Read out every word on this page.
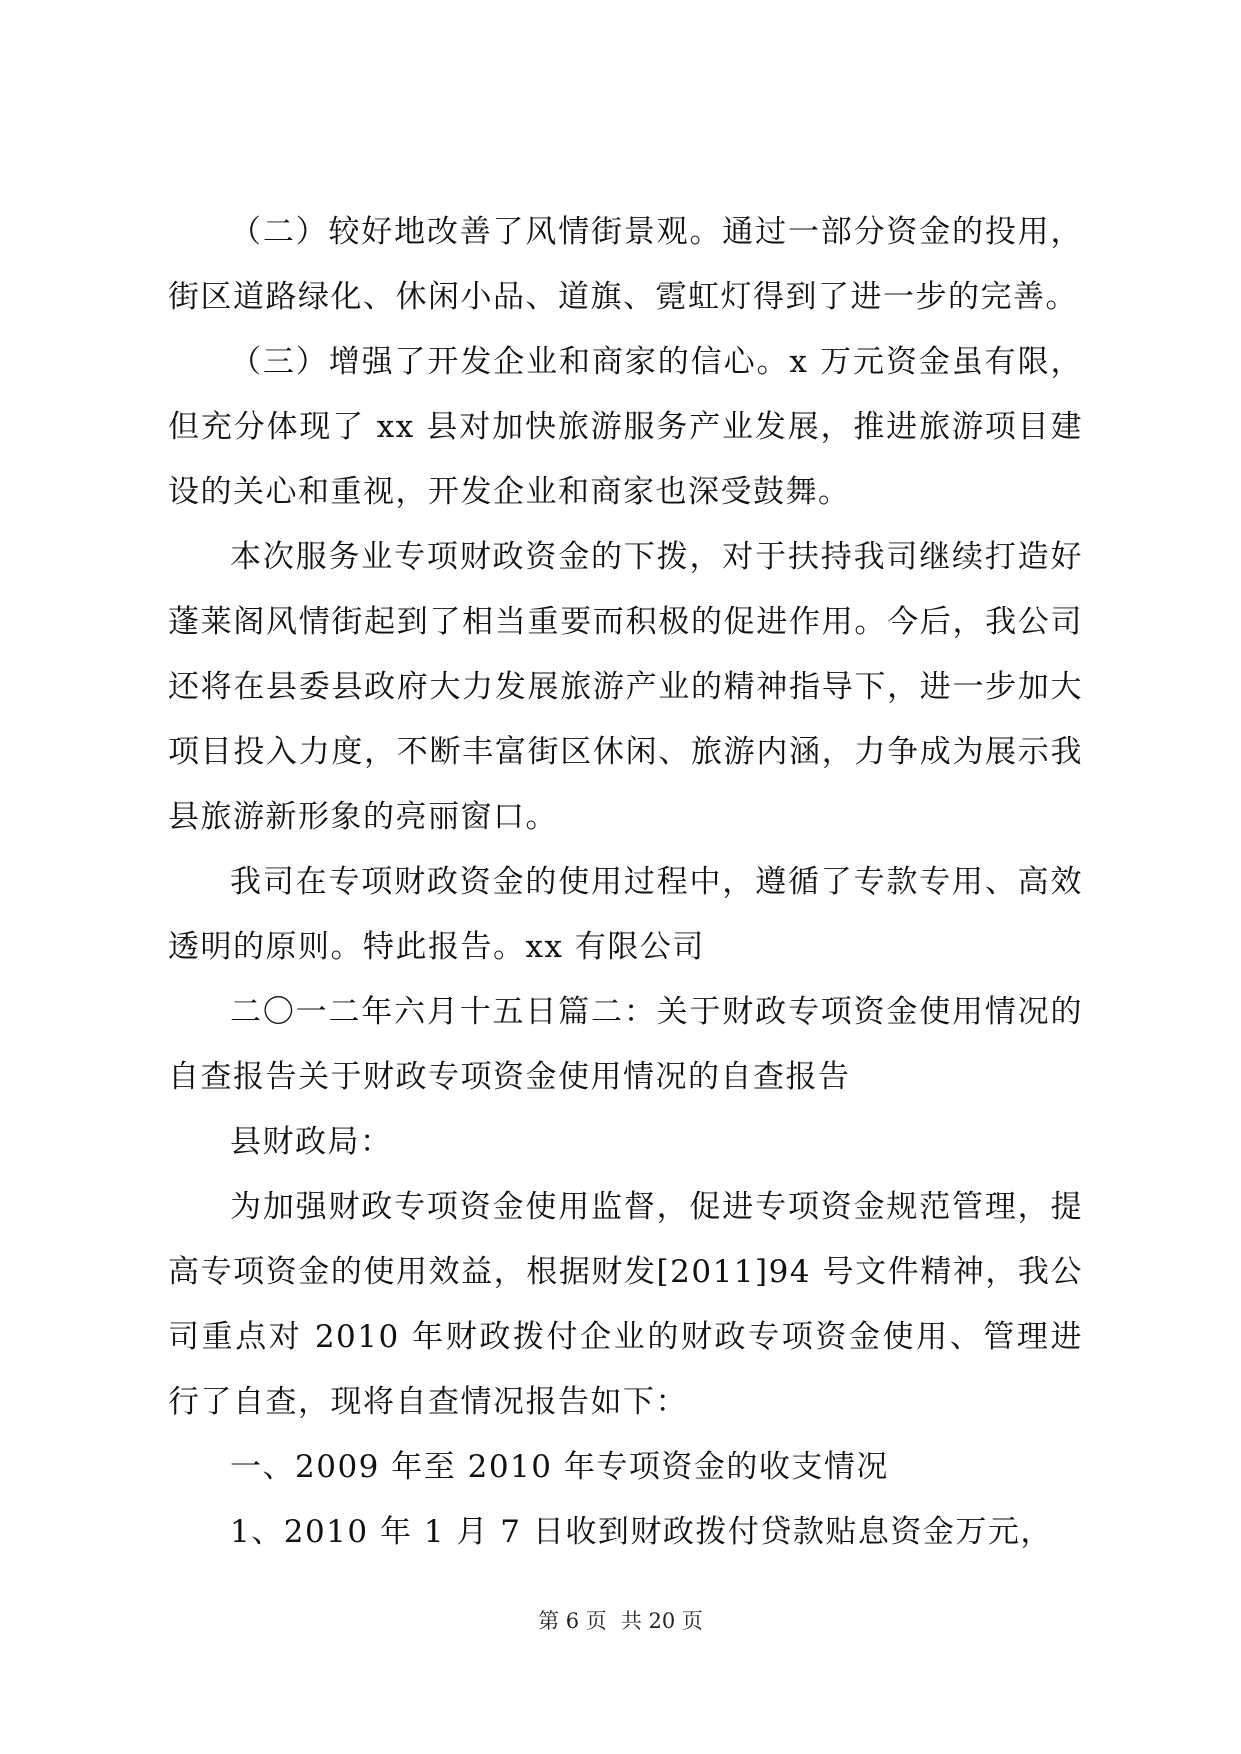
（二）较好地改善了风情街景观。通过一部分资金的投用，街区道路绿化、休闲小品、道旗、霓虹灯得到了进一步的完善。

（三）增强了开发企业和商家的信心。x 万元资金虽有限，但充分体现了 xx 县对加快旅游服务产业发展，推进旅游项目建设的关心和重视，开发企业和商家也深受鼓舞。

本次服务业专项财政资金的下拨，对于扶持我司继续打造好蓬莱阁风情街起到了相当重要而积极的促进作用。今后，我公司还将在县委县政府大力发展旅游产业的精神指导下，进一步加大项目投入力度，不断丰富街区休闲、旅游内涵，力争成为展示我县旅游新形象的亮丽窗口。

我司在专项财政资金的使用过程中，遵循了专款专用、高效透明的原则。特此报告。xx 有限公司

二〇一二年六月十五日篇二：关于财政专项资金使用情况的自查报告关于财政专项资金使用情况的自查报告

县财政局：

为加强财政专项资金使用监督，促进专项资金规范管理，提高专项资金的使用效益，根据财发[2011]94 号文件精神，我公司重点对 2010 年财政拨付企业的财政专项资金使用、管理进行了自查，现将自查情况报告如下：

一、2009 年至 2010 年专项资金的收支情况

1、2010 年 1 月 7 日收到财政拨付贷款贴息资金万元，

第 6 页 共 20 页
